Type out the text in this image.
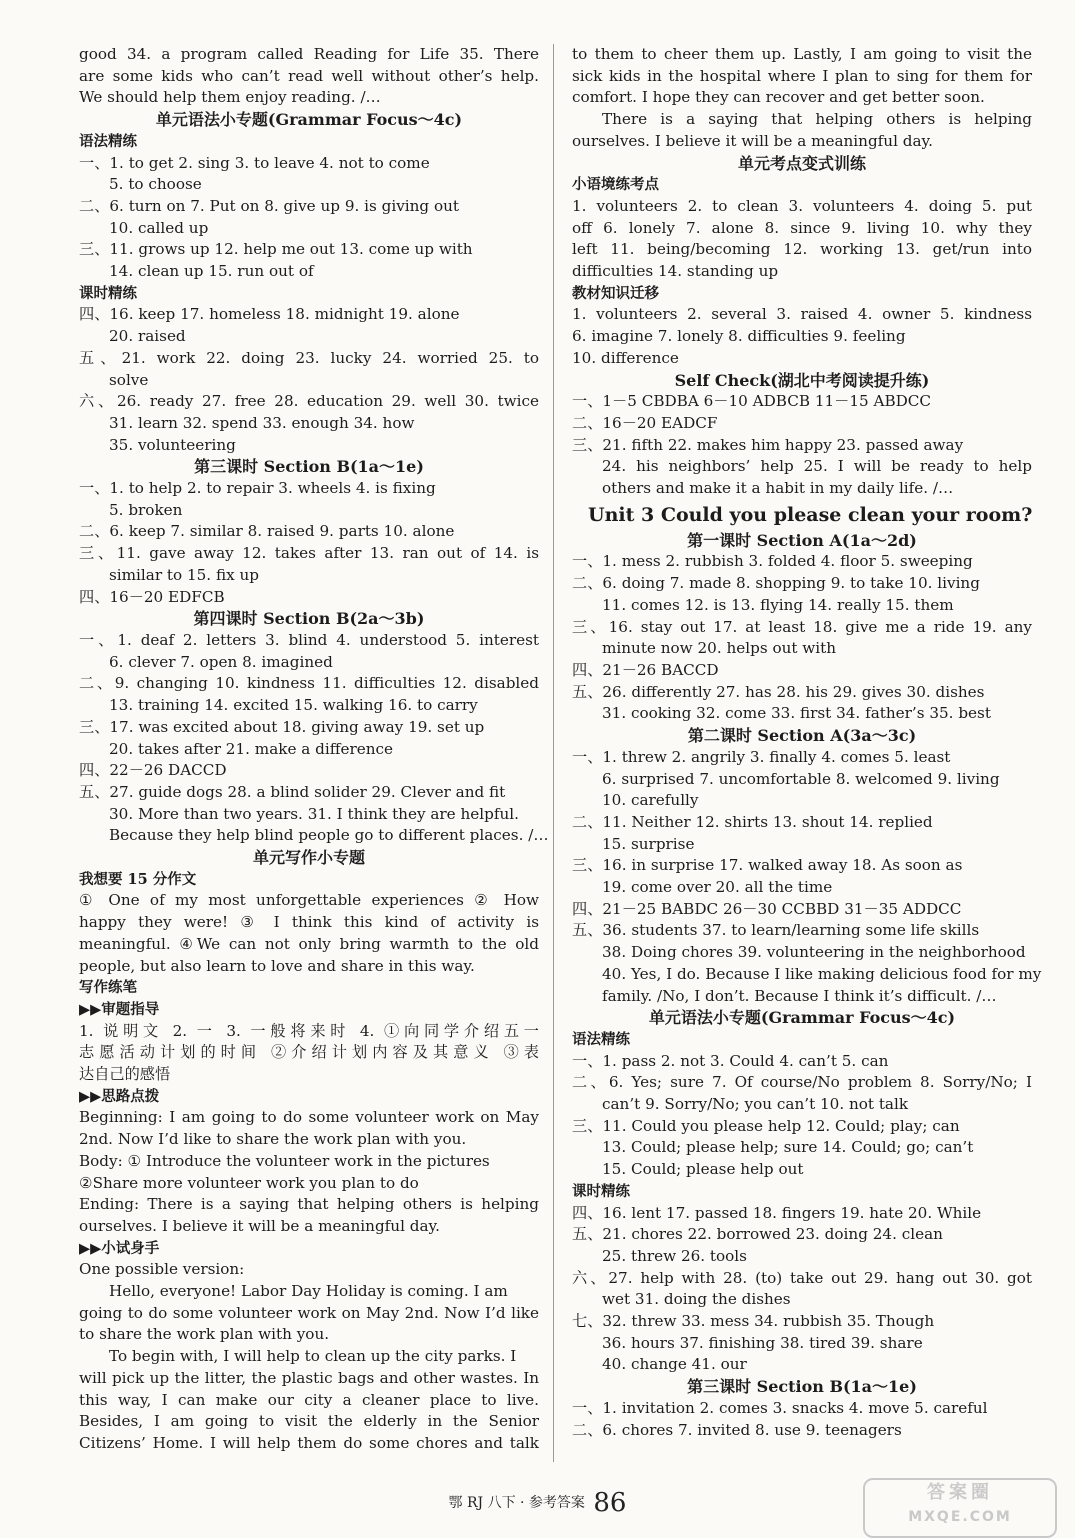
good 34. a program called Reading for Life 35. There
are some kids who can’t read well without other’s help.
We should help them enjoy reading. /…
单元语法小专题(Grammar Focus～4c)
语法精练
一、1. to get 2. sing 3. to leave 4. not to come
5. to choose
二、6. turn on 7. Put on 8. give up 9. is giving out
10. called up
三、11. grows up 12. help me out 13. come up with
14. clean up 15. run out of
课时精练
四、16. keep 17. homeless 18. midnight 19. alone
20. raised
五、21. work 22. doing 23. lucky 24. worried 25. to
solve
六、26. ready 27. free 28. education 29. well 30. twice
31. learn 32. spend 33. enough 34. how
35. volunteering
第三课时 Section B(1a～1e)
一、1. to help 2. to repair 3. wheels 4. is fixing
5. broken
二、6. keep 7. similar 8. raised 9. parts 10. alone
三、11. gave away 12. takes after 13. ran out of 14. is
similar to 15. fix up
四、16－20 EDFCB
第四课时 Section B(2a～3b)
一、1. deaf 2. letters 3. blind 4. understood 5. interest
6. clever 7. open 8. imagined
二、9. changing 10. kindness 11. difficulties 12. disabled
13. training 14. excited 15. walking 16. to carry
三、17. was excited about 18. giving away 19. set up
20. takes after 21. make a difference
四、22－26 DACCD
五、27. guide dogs 28. a blind solider 29. Clever and fit
30. More than two years. 31. I think they are helpful.
Because they help blind people go to different places. /…
单元写作小专题
我想要 15 分作文
① One of my most unforgettable experiences ② How
happy they were! ③ I think this kind of activity is
meaningful. ④We can not only bring warmth to the old
people, but also learn to love and share in this way.
写作练笔
▶▶审题指导
1. 说明文 2. 一 3. 一般将来时 4. ①向同学介绍五一
志愿活动计划的时间 ②介绍计划内容及其意义 ③表
达自己的感悟
▶▶思路点拨
Beginning: I am going to do some volunteer work on May
2nd. Now I’d like to share the work plan with you.
Body: ① Introduce the volunteer work in the pictures
②Share more volunteer work you plan to do
Ending: There is a saying that helping others is helping
ourselves. I believe it will be a meaningful day.
▶▶小试身手
One possible version:
Hello, everyone! Labor Day Holiday is coming. I am
going to do some volunteer work on May 2nd. Now I’d like
to share the work plan with you.
To begin with, I will help to clean up the city parks. I
will pick up the litter, the plastic bags and other wastes. In
this way, I can make our city a cleaner place to live.
Besides, I am going to visit the elderly in the Senior
Citizens’ Home. I will help them do some chores and talk
to them to cheer them up. Lastly, I am going to visit the
sick kids in the hospital where I plan to sing for them for
comfort. I hope they can recover and get better soon.
There is a saying that helping others is helping
ourselves. I believe it will be a meaningful day.
单元考点变式训练
小语境练考点
1. volunteers 2. to clean 3. volunteers 4. doing 5. put
off 6. lonely 7. alone 8. since 9. living 10. why they
left 11. being/becoming 12. working 13. get/run into
difficulties 14. standing up
教材知识迁移
1. volunteers 2. several 3. raised 4. owner 5. kindness
6. imagine 7. lonely 8. difficulties 9. feeling
10. difference
Self Check(湖北中考阅读提升练)
一、1－5 CBDBA 6－10 ADBCB 11－15 ABDCC
二、16－20 EADCF
三、21. fifth 22. makes him happy 23. passed away
24. his neighbors’ help 25. I will be ready to help
others and make it a habit in my daily life. /…
Unit 3 Could you please clean your room?
第一课时 Section A(1a～2d)
一、1. mess 2. rubbish 3. folded 4. floor 5. sweeping
二、6. doing 7. made 8. shopping 9. to take 10. living
11. comes 12. is 13. flying 14. really 15. them
三、16. stay out 17. at least 18. give me a ride 19. any
minute now 20. helps out with
四、21－26 BACCD
五、26. differently 27. has 28. his 29. gives 30. dishes
31. cooking 32. come 33. first 34. father’s 35. best
第二课时 Section A(3a～3c)
一、1. threw 2. angrily 3. finally 4. comes 5. least
6. surprised 7. uncomfortable 8. welcomed 9. living
10. carefully
二、11. Neither 12. shirts 13. shout 14. replied
15. surprise
三、16. in surprise 17. walked away 18. As soon as
19. come over 20. all the time
四、21－25 BABDC 26－30 CCBBD 31－35 ADDCC
五、36. students 37. to learn/learning some life skills
38. Doing chores 39. volunteering in the neighborhood
40. Yes, I do. Because I like making delicious food for my
family. /No, I don’t. Because I think it’s difficult. /…
单元语法小专题(Grammar Focus～4c)
语法精练
一、1. pass 2. not 3. Could 4. can’t 5. can
二、6. Yes; sure 7. Of course/No problem 8. Sorry/No; I
can’t 9. Sorry/No; you can’t 10. not talk
三、11. Could you please help 12. Could; play; can
13. Could; please help; sure 14. Could; go; can’t
15. Could; please help out
课时精练
四、16. lent 17. passed 18. fingers 19. hate 20. While
五、21. chores 22. borrowed 23. doing 24. clean
25. threw 26. tools
六、27. help with 28. (to) take out 29. hang out 30. got
wet 31. doing the dishes
七、32. threw 33. mess 34. rubbish 35. Though
36. hours 37. finishing 38. tired 39. share
40. change 41. our
第三课时 Section B(1a～1e)
一、1. invitation 2. comes 3. snacks 4. move 5. careful
二、6. chores 7. invited 8. use 9. teenagers
鄂 RJ 八下 · 参考答案 86	答案圈
MXQE.COM
